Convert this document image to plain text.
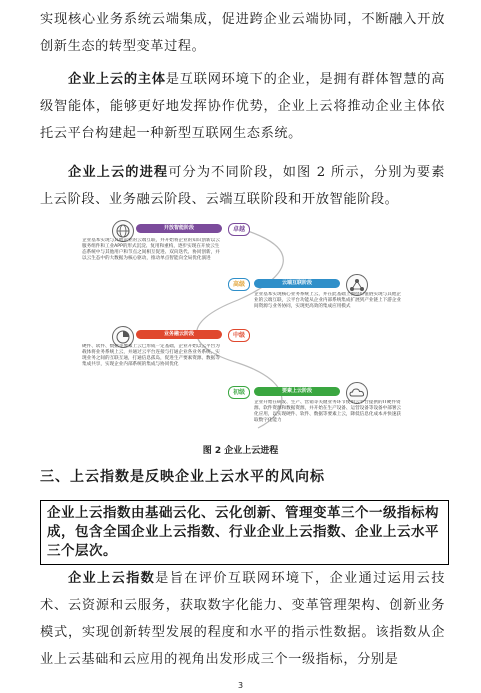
实现核心业务系统云端集成，促进跨企业云端协同，不断融入开放创新生态的转型变革过程。

企业上云的主体是互联网环境下的企业，是拥有群体智慧的高级智能体，能够更好地发挥协作优势，企业上云将推动企业主体依托云平台构建起一种新型互联网生态系统。

企业上云的进程可分为不同阶段，如图 2 所示，分别为要素上云阶段、业务融云阶段、云端互联阶段和开放智能阶段。

开放智能阶段	卓越
企业基本实现与其他企业的云端互联，并开始将企业的知识创新以云服务组件和工业APP的形式沉淀、复用和重构，逐步实现在开放云生态系统中与其他用户和节点之间相互促进、双向迭代、协同创新，并以云生态中的大数据为核心驱动，推动单点智能向全局优化演进
高级	云端互联阶段
企业基本实现核心业务系统上云，并在此基础上围绕价值链实现与其他企业的云端互联，云平台功能从企业内部系统集成扩展到产业链上下游企业间资源与业务协同，实现更高效的集成应用模式
业务融云阶段	中级
硬件、软件、数据等要素上云已形成一定基础，企业开始以云平台为载体将业务系统上云，并通过云平台连接与打通企业各业务系统，实现业务之间的互联互通，打通信息孤岛，促进生产要素资源、数据等集成共享，实现企业内部系统的集成与协同优化
初级	要素上云阶段
企业开始在研发、生产、营销等关键业务环节使用云平台提供的IT硬件资源、软件资源和数据资源，并开始在生产设备、运营设备等设备中部署云化应用，以实现硬件、软件、数据等要素上云，降低信息化成本并快速获取数字化能力
图 2 企业上云进程
三、上云指数是反映企业上云水平的风向标
企业上云指数由基础云化、云化创新、管理变革三个一级指标构成，包含全国企业上云指数、行业企业上云指数、企业上云水平三个层次。

企业上云指数是旨在评价互联网环境下，企业通过运用云技术、云资源和云服务，获取数字化能力、变革管理架构、创新业务模式，实现创新转型发展的程度和水平的指示性数据。该指数从企业上云基础和云应用的视角出发形成三个一级指标，分别是

3
